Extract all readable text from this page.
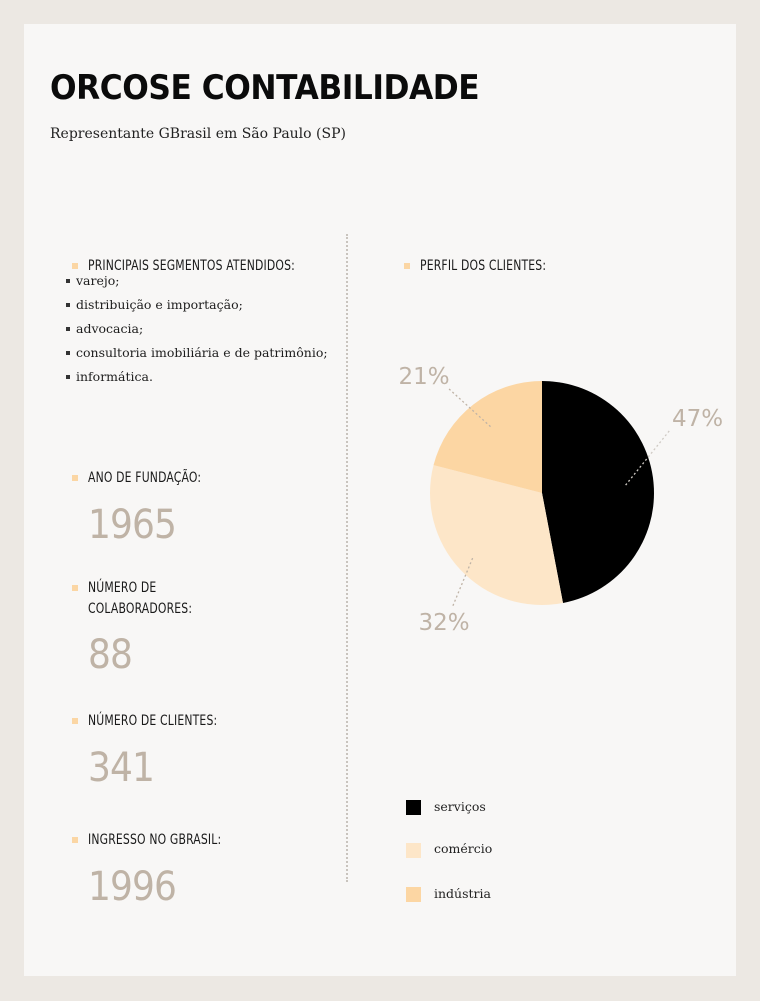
ORCOSE CONTABILIDADE
Representante GBrasil em São Paulo (SP)
PRINCIPAIS SEGMENTOS ATENDIDOS:
varejo;
distribuição e importação;
advocacia;
consultoria imobiliária e de patrimônio;
informática.
ANO DE FUNDAÇÃO:
1965
NÚMERO DE
COLABORADORES:
88
NÚMERO DE CLIENTES:
341
INGRESSO NO GBRASIL:
1996
PERFIL DOS CLIENTES:
47%
32%
21%
serviços
comércio
indústria
